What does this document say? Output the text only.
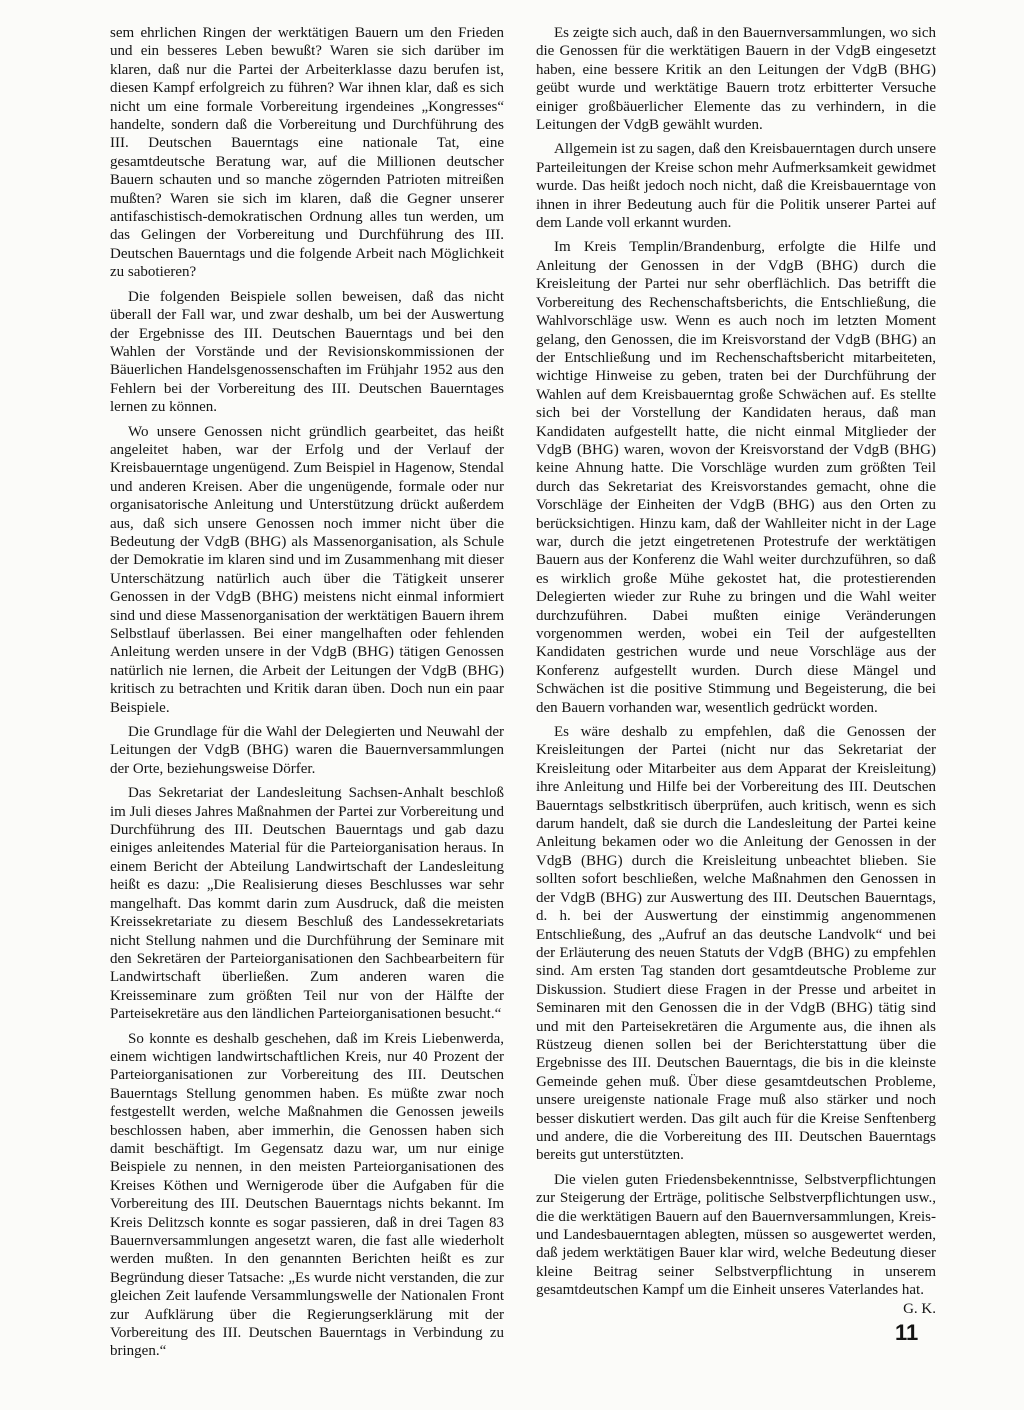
sem ehrlichen Ringen der werktätigen Bauern um den Frieden und ein besseres Leben bewußt? Waren sie sich darüber im klaren, daß nur die Partei der Arbeiterklasse dazu berufen ist, diesen Kampf erfolgreich zu führen? War ihnen klar, daß es sich nicht um eine formale Vorbereitung irgendeines „Kongresses“ handelte, sondern daß die Vorbereitung und Durchführung des III. Deutschen Bauerntags eine nationale Tat, eine gesamtdeutsche Beratung war, auf die Millionen deutscher Bauern schauten und so manche zögernden Patrioten mitreißen mußten? Waren sie sich im klaren, daß die Gegner unserer antifaschistisch-demokratischen Ordnung alles tun werden, um das Gelingen der Vorbereitung und Durchführung des III. Deutschen Bauerntags und die folgende Arbeit nach Möglichkeit zu sabotieren?

Die folgenden Beispiele sollen beweisen, daß das nicht überall der Fall war, und zwar deshalb, um bei der Auswertung der Ergebnisse des III. Deutschen Bauerntags und bei den Wahlen der Vorstände und der Revisionskommissionen der Bäuerlichen Handelsgenossenschaften im Frühjahr 1952 aus den Fehlern bei der Vorbereitung des III. Deutschen Bauerntages lernen zu können.

Wo unsere Genossen nicht gründlich gearbeitet, das heißt angeleitet haben, war der Erfolg und der Verlauf der Kreisbauerntage ungenügend. Zum Beispiel in Hagenow, Stendal und anderen Kreisen. Aber die ungenügende, formale oder nur organisatorische Anleitung und Unterstützung drückt außerdem aus, daß sich unsere Genossen noch immer nicht über die Bedeutung der VdgB (BHG) als Massenorganisation, als Schule der Demokratie im klaren sind und im Zusammenhang mit dieser Unterschätzung natürlich auch über die Tätigkeit unserer Genossen in der VdgB (BHG) meistens nicht einmal informiert sind und diese Massenorganisation der werktätigen Bauern ihrem Selbstlauf überlassen. Bei einer mangelhaften oder fehlenden Anleitung werden unsere in der VdgB (BHG) tätigen Genossen natürlich nie lernen, die Arbeit der Leitungen der VdgB (BHG) kritisch zu betrachten und Kritik daran üben. Doch nun ein paar Beispiele.

Die Grundlage für die Wahl der Delegierten und Neuwahl der Leitungen der VdgB (BHG) waren die Bauernversammlungen der Orte, beziehungsweise Dörfer.

Das Sekretariat der Landesleitung Sachsen-Anhalt beschloß im Juli dieses Jahres Maßnahmen der Partei zur Vorbereitung und Durchführung des III. Deutschen Bauerntags und gab dazu einiges anleitendes Material für die Parteiorganisation heraus. In einem Bericht der Abteilung Landwirtschaft der Landesleitung heißt es dazu: „Die Realisierung dieses Beschlusses war sehr mangelhaft. Das kommt darin zum Ausdruck, daß die meisten Kreissekretariate zu diesem Beschluß des Landessekretariats nicht Stellung nahmen und die Durchführung der Seminare mit den Sekretären der Parteiorganisationen den Sachbearbeitern für Landwirtschaft überließen. Zum anderen waren die Kreisseminare zum größten Teil nur von der Hälfte der Parteisekretäre aus den ländlichen Parteiorganisationen besucht.“

So konnte es deshalb geschehen, daß im Kreis Liebenwerda, einem wichtigen landwirtschaftlichen Kreis, nur 40 Prozent der Parteiorganisationen zur Vorbereitung des III. Deutschen Bauerntags Stellung genommen haben. Es müßte zwar noch festgestellt werden, welche Maßnahmen die Genossen jeweils beschlossen haben, aber immerhin, die Genossen haben sich damit beschäftigt. Im Gegensatz dazu war, um nur einige Beispiele zu nennen, in den meisten Parteiorganisationen des Kreises Köthen und Wernigerode über die Aufgaben für die Vorbereitung des III. Deutschen Bauerntags nichts bekannt. Im Kreis Delitzsch konnte es sogar passieren, daß in drei Tagen 83 Bauernversammlungen angesetzt waren, die fast alle wiederholt werden mußten. In den genannten Berichten heißt es zur Begründung dieser Tatsache: „Es wurde nicht verstanden, die zur gleichen Zeit laufende Versammlungswelle der Nationalen Front zur Aufklärung über die Regierungserklärung mit der Vorbereitung des III. Deutschen Bauerntags in Verbindung zu bringen.“

Es zeigte sich auch, daß in den Bauernversammlungen, wo sich die Genossen für die werktätigen Bauern in der VdgB eingesetzt haben, eine bessere Kritik an den Leitungen der VdgB (BHG) geübt wurde und werktätige Bauern trotz erbitterter Versuche einiger großbäuerlicher Elemente das zu verhindern, in die Leitungen der VdgB gewählt wurden.

Allgemein ist zu sagen, daß den Kreisbauerntagen durch unsere Parteileitungen der Kreise schon mehr Aufmerksamkeit gewidmet wurde. Das heißt jedoch noch nicht, daß die Kreisbauerntage von ihnen in ihrer Bedeutung auch für die Politik unserer Partei auf dem Lande voll erkannt wurden.

Im Kreis Templin/Brandenburg, erfolgte die Hilfe und Anleitung der Genossen in der VdgB (BHG) durch die Kreisleitung der Partei nur sehr oberflächlich. Das betrifft die Vorbereitung des Rechenschaftsberichts, die Entschließung, die Wahlvorschläge usw. Wenn es auch noch im letzten Moment gelang, den Genossen, die im Kreisvorstand der VdgB (BHG) an der Entschließung und im Rechenschaftsbericht mitarbeiteten, wichtige Hinweise zu geben, traten bei der Durchführung der Wahlen auf dem Kreisbauerntag große Schwächen auf. Es stellte sich bei der Vorstellung der Kandidaten heraus, daß man Kandidaten aufgestellt hatte, die nicht einmal Mitglieder der VdgB (BHG) waren, wovon der Kreisvorstand der VdgB (BHG) keine Ahnung hatte. Die Vorschläge wurden zum größten Teil durch das Sekretariat des Kreisvorstandes gemacht, ohne die Vorschläge der Einheiten der VdgB (BHG) aus den Orten zu berücksichtigen. Hinzu kam, daß der Wahlleiter nicht in der Lage war, durch die jetzt eingetretenen Protestrufe der werktätigen Bauern aus der Konferenz die Wahl weiter durchzuführen, so daß es wirklich große Mühe gekostet hat, die protestierenden Delegierten wieder zur Ruhe zu bringen und die Wahl weiter durchzuführen. Dabei mußten einige Veränderungen vorgenommen werden, wobei ein Teil der aufgestellten Kandidaten gestrichen wurde und neue Vorschläge aus der Konferenz aufgestellt wurden. Durch diese Mängel und Schwächen ist die positive Stimmung und Begeisterung, die bei den Bauern vorhanden war, wesentlich gedrückt worden.

Es wäre deshalb zu empfehlen, daß die Genossen der Kreisleitungen der Partei (nicht nur das Sekretariat der Kreisleitung oder Mitarbeiter aus dem Apparat der Kreisleitung) ihre Anleitung und Hilfe bei der Vorbereitung des III. Deutschen Bauerntags selbstkritisch überprüfen, auch kritisch, wenn es sich darum handelt, daß sie durch die Landesleitung der Partei keine Anleitung bekamen oder wo die Anleitung der Genossen in der VdgB (BHG) durch die Kreisleitung unbeachtet blieben. Sie sollten sofort beschließen, welche Maßnahmen den Genossen in der VdgB (BHG) zur Auswertung des III. Deutschen Bauerntags, d. h. bei der Auswertung der einstimmig angenommenen Entschließung, des „Aufruf an das deutsche Landvolk“ und bei der Erläuterung des neuen Statuts der VdgB (BHG) zu empfehlen sind. Am ersten Tag standen dort gesamtdeutsche Probleme zur Diskussion. Studiert diese Fragen in der Presse und arbeitet in Seminaren mit den Genossen die in der VdgB (BHG) tätig sind und mit den Parteisekretären die Argumente aus, die ihnen als Rüstzeug dienen sollen bei der Berichterstattung über die Ergebnisse des III. Deutschen Bauerntags, die bis in die kleinste Gemeinde gehen muß. Über diese gesamtdeutschen Probleme, unsere ureigenste nationale Frage muß also stärker und noch besser diskutiert werden. Das gilt auch für die Kreise Senftenberg und andere, die die Vorbereitung des III. Deutschen Bauerntags bereits gut unterstützten.

Die vielen guten Friedensbekenntnisse, Selbstverpflichtungen zur Steigerung der Erträge, politische Selbstverpflichtungen usw., die die werktätigen Bauern auf den Bauernversammlungen, Kreis- und Landesbauerntagen ablegten, müssen so ausgewertet werden, daß jedem werktätigen Bauer klar wird, welche Bedeutung dieser kleine Beitrag seiner Selbstverpflichtung in unserem gesamtdeutschen Kampf um die Einheit unseres Vaterlandes hat.
G. K.

11
